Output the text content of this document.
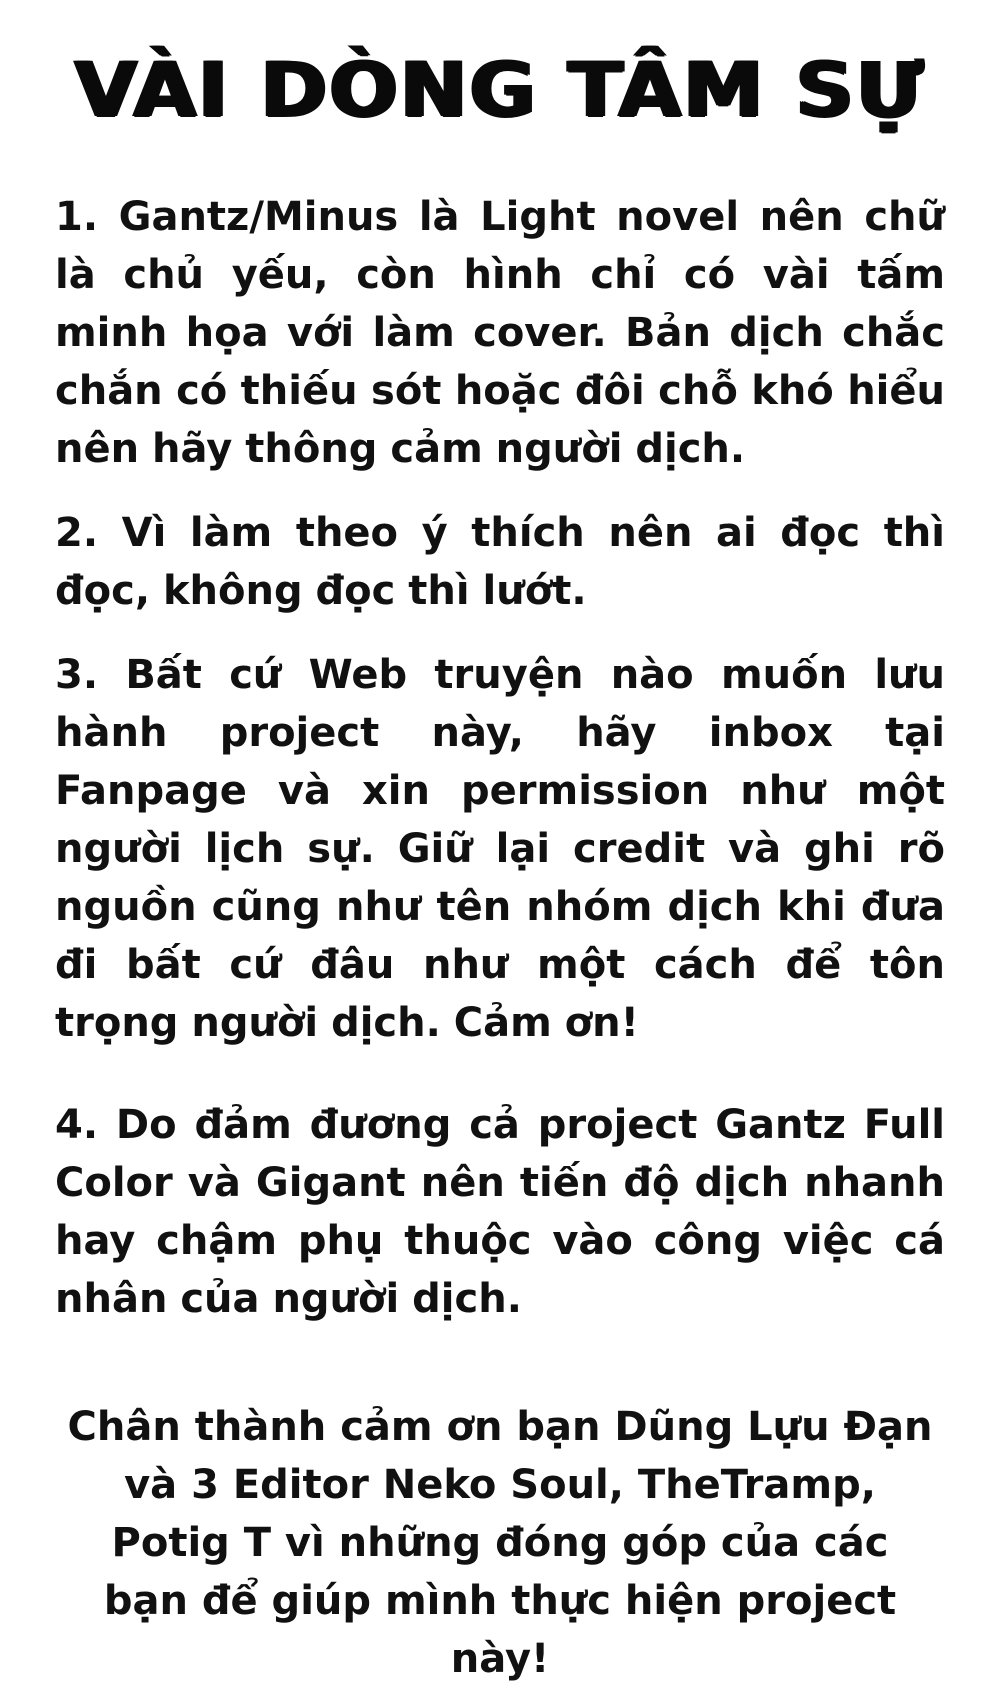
VÀI DÒNG TÂM SỰ

1. Gantz/Minus là Light novel nên chữ là chủ yếu, còn hình chỉ có vài tấm minh họa với làm cover. Bản dịch chắc chắn có thiếu sót hoặc đôi chỗ khó hiểu nên hãy thông cảm người dịch.

2. Vì làm theo ý thích nên ai đọc thì đọc, không đọc thì lướt.

3. Bất cứ Web truyện nào muốn lưu hành project này, hãy inbox tại Fanpage và xin permission như một người lịch sự. Giữ lại credit và ghi rõ nguồn cũng như tên nhóm dịch khi đưa đi bất cứ đâu như một cách để tôn trọng người dịch. Cảm ơn!

4. Do đảm đương cả project Gantz Full Color và Gigant nên tiến độ dịch nhanh hay chậm phụ thuộc vào công việc cá nhân của người dịch.

Chân thành cảm ơn bạn Dũng Lựu Đạn và 3 Editor Neko Soul, TheTramp, Potig T vì những đóng góp của các bạn để giúp mình thực hiện project này!
